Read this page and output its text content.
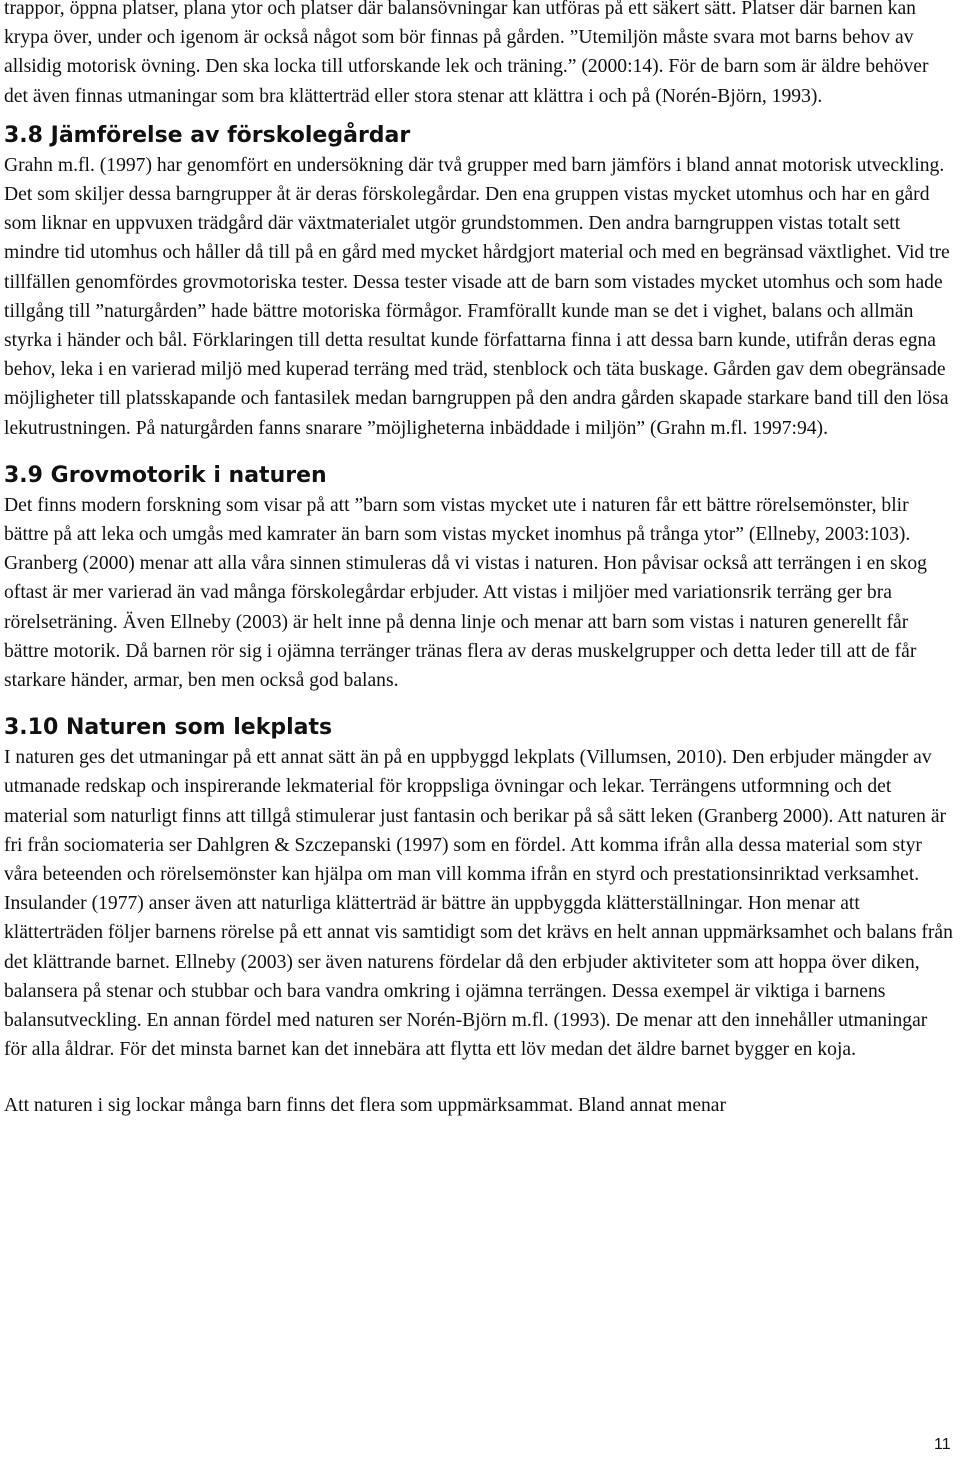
trappor, öppna platser, plana ytor och platser där balansövningar kan utföras på ett säkert sätt. Platser där barnen kan krypa över, under och igenom är också något som bör finnas på gården. ”Utemiljön måste svara mot barns behov av allsidig motorisk övning. Den ska locka till utforskande lek och träning.” (2000:14). För de barn som är äldre behöver det även finnas utmaningar som bra klätterträd eller stora stenar att klättra i och på (Norén-Björn, 1993).

3.8 Jämförelse av förskolegårdar

Grahn m.fl. (1997) har genomfört en undersökning där två grupper med barn jämförs i bland annat motorisk utveckling. Det som skiljer dessa barngrupper åt är deras förskolegårdar. Den ena gruppen vistas mycket utomhus och har en gård som liknar en uppvuxen trädgård där växtmaterialet utgör grundstommen. Den andra barngruppen vistas totalt sett mindre tid utomhus och håller då till på en gård med mycket hårdgjort material och med en begränsad växtlighet. Vid tre tillfällen genomfördes grovmotoriska tester. Dessa tester visade att de barn som vistades mycket utomhus och som hade tillgång till ”naturgården” hade bättre motoriska förmågor. Framförallt kunde man se det i vighet, balans och allmän styrka i händer och bål. Förklaringen till detta resultat kunde författarna finna i att dessa barn kunde, utifrån deras egna behov, leka i en varierad miljö med kuperad terräng med träd, stenblock och täta buskage. Gården gav dem obegränsade möjligheter till platsskapande och fantasilek medan barngruppen på den andra gården skapade starkare band till den lösa lekutrustningen. På naturgården fanns snarare ”möjligheterna inbäddade i miljön” (Grahn m.fl. 1997:94).

3.9 Grovmotorik i naturen

Det finns modern forskning som visar på att ”barn som vistas mycket ute i naturen får ett bättre rörelsemönster, blir bättre på att leka och umgås med kamrater än barn som vistas mycket inomhus på trånga ytor” (Ellneby, 2003:103). Granberg (2000) menar att alla våra sinnen stimuleras då vi vistas i naturen. Hon påvisar också att terrängen i en skog oftast är mer varierad än vad många förskolegårdar erbjuder. Att vistas i miljöer med variationsrik terräng ger bra rörelseträning. Även Ellneby (2003) är helt inne på denna linje och menar att barn som vistas i naturen generellt får bättre motorik. Då barnen rör sig i ojämna terränger tränas flera av deras muskelgrupper och detta leder till att de får starkare händer, armar, ben men också god balans.

3.10 Naturen som lekplats

I naturen ges det utmaningar på ett annat sätt än på en uppbyggd lekplats (Villumsen, 2010). Den erbjuder mängder av utmanade redskap och inspirerande lekmaterial för kroppsliga övningar och lekar. Terrängens utformning och det material som naturligt finns att tillgå stimulerar just fantasin och berikar på så sätt leken (Granberg 2000). Att naturen är fri från sociomateria ser Dahlgren & Szczepanski (1997) som en fördel. Att komma ifrån alla dessa material som styr våra beteenden och rörelsemönster kan hjälpa om man vill komma ifrån en styrd och prestationsinriktad verksamhet. Insulander (1977) anser även att naturliga klätterträd är bättre än uppbyggda klätterställningar. Hon menar att klätterträden följer barnens rörelse på ett annat vis samtidigt som det krävs en helt annan uppmärksamhet och balans från det klättrande barnet. Ellneby (2003) ser även naturens fördelar då den erbjuder aktiviteter som att hoppa över diken, balansera på stenar och stubbar och bara vandra omkring i ojämna terrängen. Dessa exempel är viktiga i barnens balansutveckling. En annan fördel med naturen ser Norén-Björn m.fl. (1993). De menar att den innehåller utmaningar för alla åldrar. För det minsta barnet kan det innebära att flytta ett löv medan det äldre barnet bygger en koja.

Att naturen i sig lockar många barn finns det flera som uppmärksammat. Bland annat menar

11
